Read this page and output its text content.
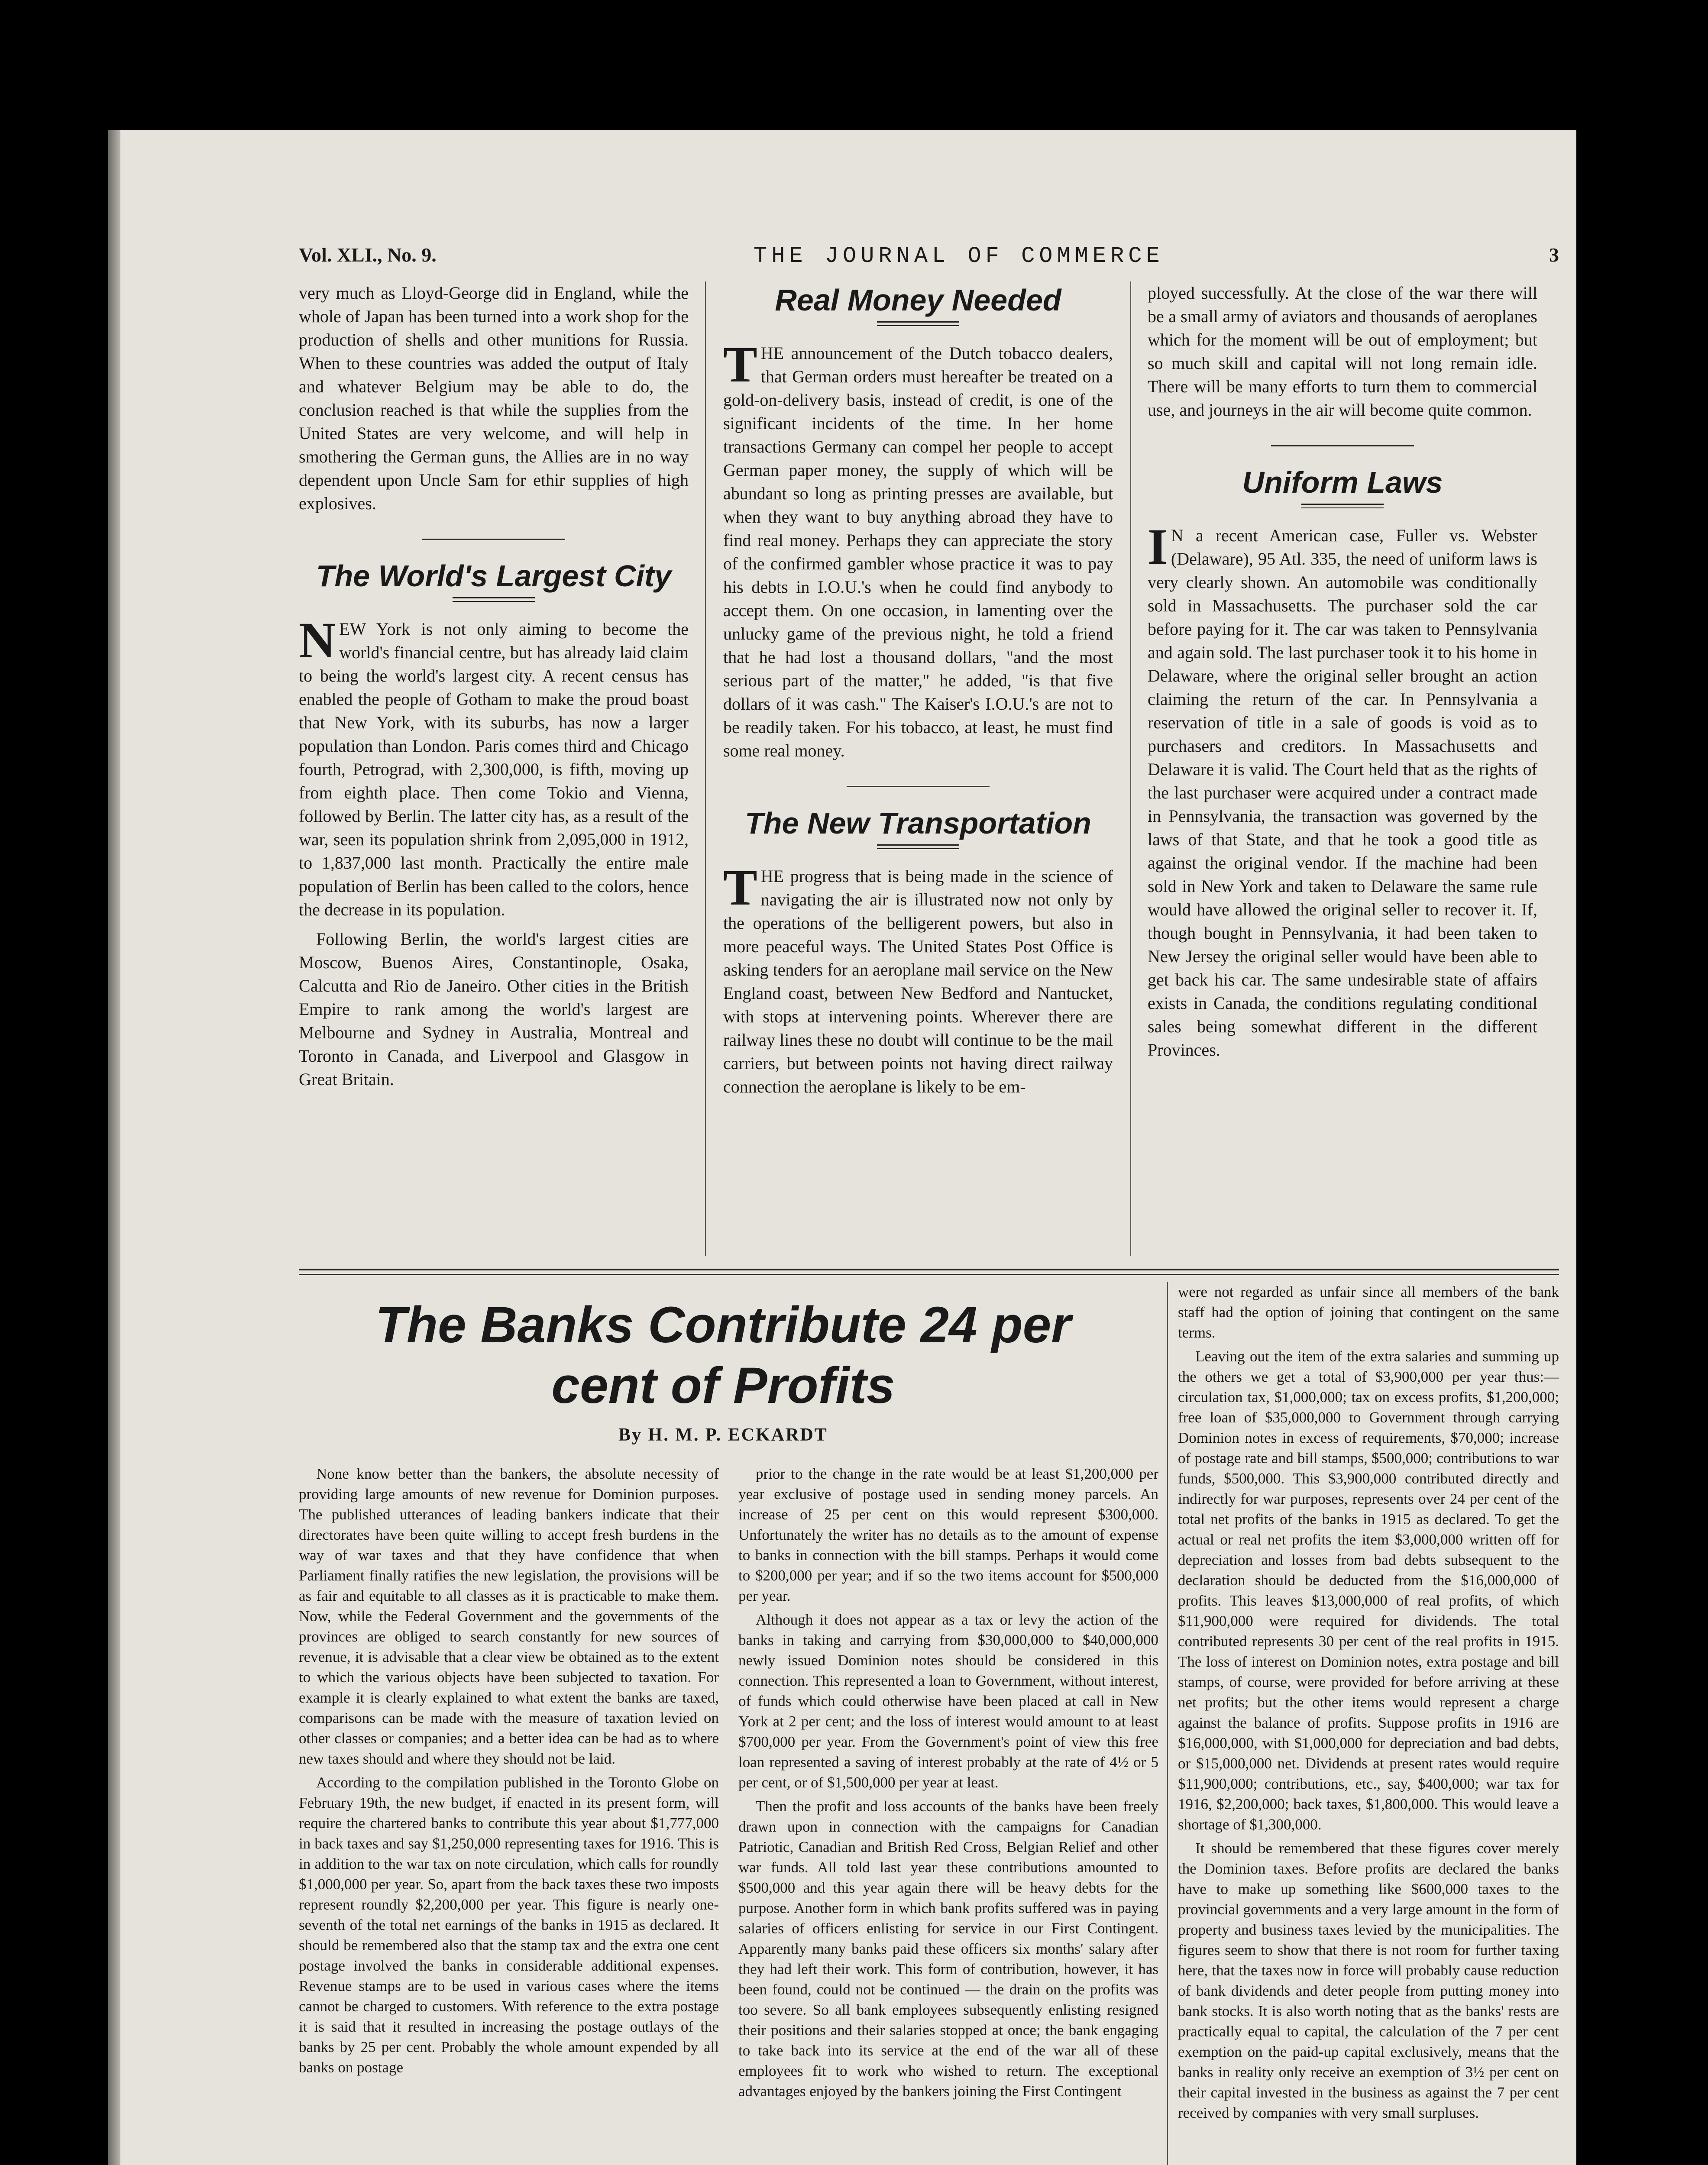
Vol. XLI., No. 9.	THE JOURNAL OF COMMERCE	3

very much as Lloyd-George did in England, while the whole of Japan has been turned into a work shop for the production of shells and other munitions for Russia. When to these countries was added the output of Italy and whatever Belgium may be able to do, the conclusion reached is that while the supplies from the United States are very welcome, and will help in smothering the German guns, the Allies are in no way dependent upon Uncle Sam for ethir supplies of high explosives.

The World's Largest City

NEW York is not only aiming to become the world's financial centre, but has already laid claim to being the world's largest city. A recent census has enabled the people of Gotham to make the proud boast that New York, with its suburbs, has now a larger population than London. Paris comes third and Chicago fourth, Petrograd, with 2,300,000, is fifth, moving up from eighth place. Then come Tokio and Vienna, followed by Berlin. The latter city has, as a result of the war, seen its population shrink from 2,095,000 in 1912, to 1,837,000 last month. Practically the entire male population of Berlin has been called to the colors, hence the decrease in its population.

Following Berlin, the world's largest cities are Moscow, Buenos Aires, Constantinople, Osaka, Calcutta and Rio de Janeiro. Other cities in the British Empire to rank among the world's largest are Melbourne and Sydney in Australia, Montreal and Toronto in Canada, and Liverpool and Glasgow in Great Britain.

Real Money Needed

THE announcement of the Dutch tobacco dealers, that German orders must hereafter be treated on a gold-on-delivery basis, instead of credit, is one of the significant incidents of the time. In her home transactions Germany can compel her people to accept German paper money, the supply of which will be abundant so long as printing presses are available, but when they want to buy anything abroad they have to find real money. Perhaps they can appreciate the story of the confirmed gambler whose practice it was to pay his debts in I.O.U.'s when he could find anybody to accept them. On one occasion, in lamenting over the unlucky game of the previous night, he told a friend that he had lost a thousand dollars, "and the most serious part of the matter," he added, "is that five dollars of it was cash." The Kaiser's I.O.U.'s are not to be readily taken. For his tobacco, at least, he must find some real money.

The New Transportation

THE progress that is being made in the science of navigating the air is illustrated now not only by the operations of the belligerent powers, but also in more peaceful ways. The United States Post Office is asking tenders for an aeroplane mail service on the New England coast, between New Bedford and Nantucket, with stops at intervening points. Wherever there are railway lines these no doubt will continue to be the mail carriers, but between points not having direct railway connection the aeroplane is likely to be em-

ployed successfully. At the close of the war there will be a small army of aviators and thousands of aeroplanes which for the moment will be out of employment; but so much skill and capital will not long remain idle. There will be many efforts to turn them to commercial use, and journeys in the air will become quite common.

Uniform Laws

I N a recent American case, Fuller vs. Webster (Delaware), 95 Atl. 335, the need of uniform laws is very clearly shown. An automobile was conditionally sold in Massachusetts. The purchaser sold the car before paying for it. The car was taken to Pennsylvania and again sold. The last purchaser took it to his home in Delaware, where the original seller brought an action claiming the return of the car. In Pennsylvania a reservation of title in a sale of goods is void as to purchasers and creditors. In Massachusetts and Delaware it is valid. The Court held that as the rights of the last purchaser were acquired under a contract made in Pennsylvania, the transaction was governed by the laws of that State, and that he took a good title as against the original vendor. If the machine had been sold in New York and taken to Delaware the same rule would have allowed the original seller to recover it. If, though bought in Pennsylvania, it had been taken to New Jersey the original seller would have been able to get back his car. The same undesirable state of affairs exists in Canada, the conditions regulating conditional sales being somewhat different in the different Provinces.

The Banks Contribute 24 per
cent of Profits
By H. M. P. ECKARDT

None know better than the bankers, the absolute necessity of providing large amounts of new revenue for Dominion purposes. The published utterances of leading bankers indicate that their directorates have been quite willing to accept fresh burdens in the way of war taxes and that they have confidence that when Parliament finally ratifies the new legislation, the provisions will be as fair and equitable to all classes as it is practicable to make them. Now, while the Federal Government and the governments of the provinces are obliged to search constantly for new sources of revenue, it is advisable that a clear view be obtained as to the extent to which the various objects have been subjected to taxation. For example it is clearly explained to what extent the banks are taxed, comparisons can be made with the measure of taxation levied on other classes or companies; and a better idea can be had as to where new taxes should and where they should not be laid.

According to the compilation published in the Toronto Globe on February 19th, the new budget, if enacted in its present form, will require the chartered banks to contribute this year about $1,777,000 in back taxes and say $1,250,000 representing taxes for 1916. This is in addition to the war tax on note circulation, which calls for roundly $1,000,000 per year. So, apart from the back taxes these two imposts represent roundly $2,200,000 per year. This figure is nearly one-seventh of the total net earnings of the banks in 1915 as declared. It should be remembered also that the stamp tax and the extra one cent postage involved the banks in considerable additional expenses. Revenue stamps are to be used in various cases where the items cannot be charged to customers. With reference to the extra postage it is said that it resulted in increasing the postage outlays of the banks by 25 per cent. Probably the whole amount expended by all banks on postage

prior to the change in the rate would be at least $1,200,000 per year exclusive of postage used in sending money parcels. An increase of 25 per cent on this would represent $300,000. Unfortunately the writer has no details as to the amount of expense to banks in connection with the bill stamps. Perhaps it would come to $200,000 per year; and if so the two items account for $500,000 per year.

Although it does not appear as a tax or levy the action of the banks in taking and carrying from $30,000,000 to $40,000,000 newly issued Dominion notes should be considered in this connection. This represented a loan to Government, without interest, of funds which could otherwise have been placed at call in New York at 2 per cent; and the loss of interest would amount to at least $700,000 per year. From the Government's point of view this free loan represented a saving of interest probably at the rate of 4½ or 5 per cent, or of $1,500,000 per year at least.

Then the profit and loss accounts of the banks have been freely drawn upon in connection with the campaigns for Canadian Patriotic, Canadian and British Red Cross, Belgian Relief and other war funds. All told last year these contributions amounted to $500,000 and this year again there will be heavy debts for the purpose. Another form in which bank profits suffered was in paying salaries of officers enlisting for service in our First Contingent. Apparently many banks paid these officers six months' salary after they had left their work. This form of contribution, however, it has been found, could not be continued — the drain on the profits was too severe. So all bank employees subsequently enlisting resigned their positions and their salaries stopped at once; the bank engaging to take back into its service at the end of the war all of these employees fit to work who wished to return. The exceptional advantages enjoyed by the bankers joining the First Contingent

were not regarded as unfair since all members of the bank staff had the option of joining that contingent on the same terms.

Leaving out the item of the extra salaries and summing up the others we get a total of $3,900,000 per year thus:—circulation tax, $1,000,000; tax on excess profits, $1,200,000; free loan of $35,000,000 to Government through carrying Dominion notes in excess of requirements, $70,000; increase of postage rate and bill stamps, $500,000; contributions to war funds, $500,000. This $3,900,000 contributed directly and indirectly for war purposes, represents over 24 per cent of the total net profits of the banks in 1915 as declared. To get the actual or real net profits the item $3,000,000 written off for depreciation and losses from bad debts subsequent to the declaration should be deducted from the $16,000,000 of profits. This leaves $13,000,000 of real profits, of which $11,900,000 were required for dividends. The total contributed represents 30 per cent of the real profits in 1915. The loss of interest on Dominion notes, extra postage and bill stamps, of course, were provided for before arriving at these net profits; but the other items would represent a charge against the balance of profits. Suppose profits in 1916 are $16,000,000, with $1,000,000 for depreciation and bad debts, or $15,000,000 net. Dividends at present rates would require $11,900,000; contributions, etc., say, $400,000; war tax for 1916, $2,200,000; back taxes, $1,800,000. This would leave a shortage of $1,300,000.

It should be remembered that these figures cover merely the Dominion taxes. Before profits are declared the banks have to make up something like $600,000 taxes to the provincial governments and a very large amount in the form of property and business taxes levied by the municipalities. The figures seem to show that there is not room for further taxing here, that the taxes now in force will probably cause reduction of bank dividends and deter people from putting money into bank stocks. It is also worth noting that as the banks' rests are practically equal to capital, the calculation of the 7 per cent exemption on the paid-up capital exclusively, means that the banks in reality only receive an exemption of 3½ per cent on their capital invested in the business as against the 7 per cent received by companies with very small surpluses.
